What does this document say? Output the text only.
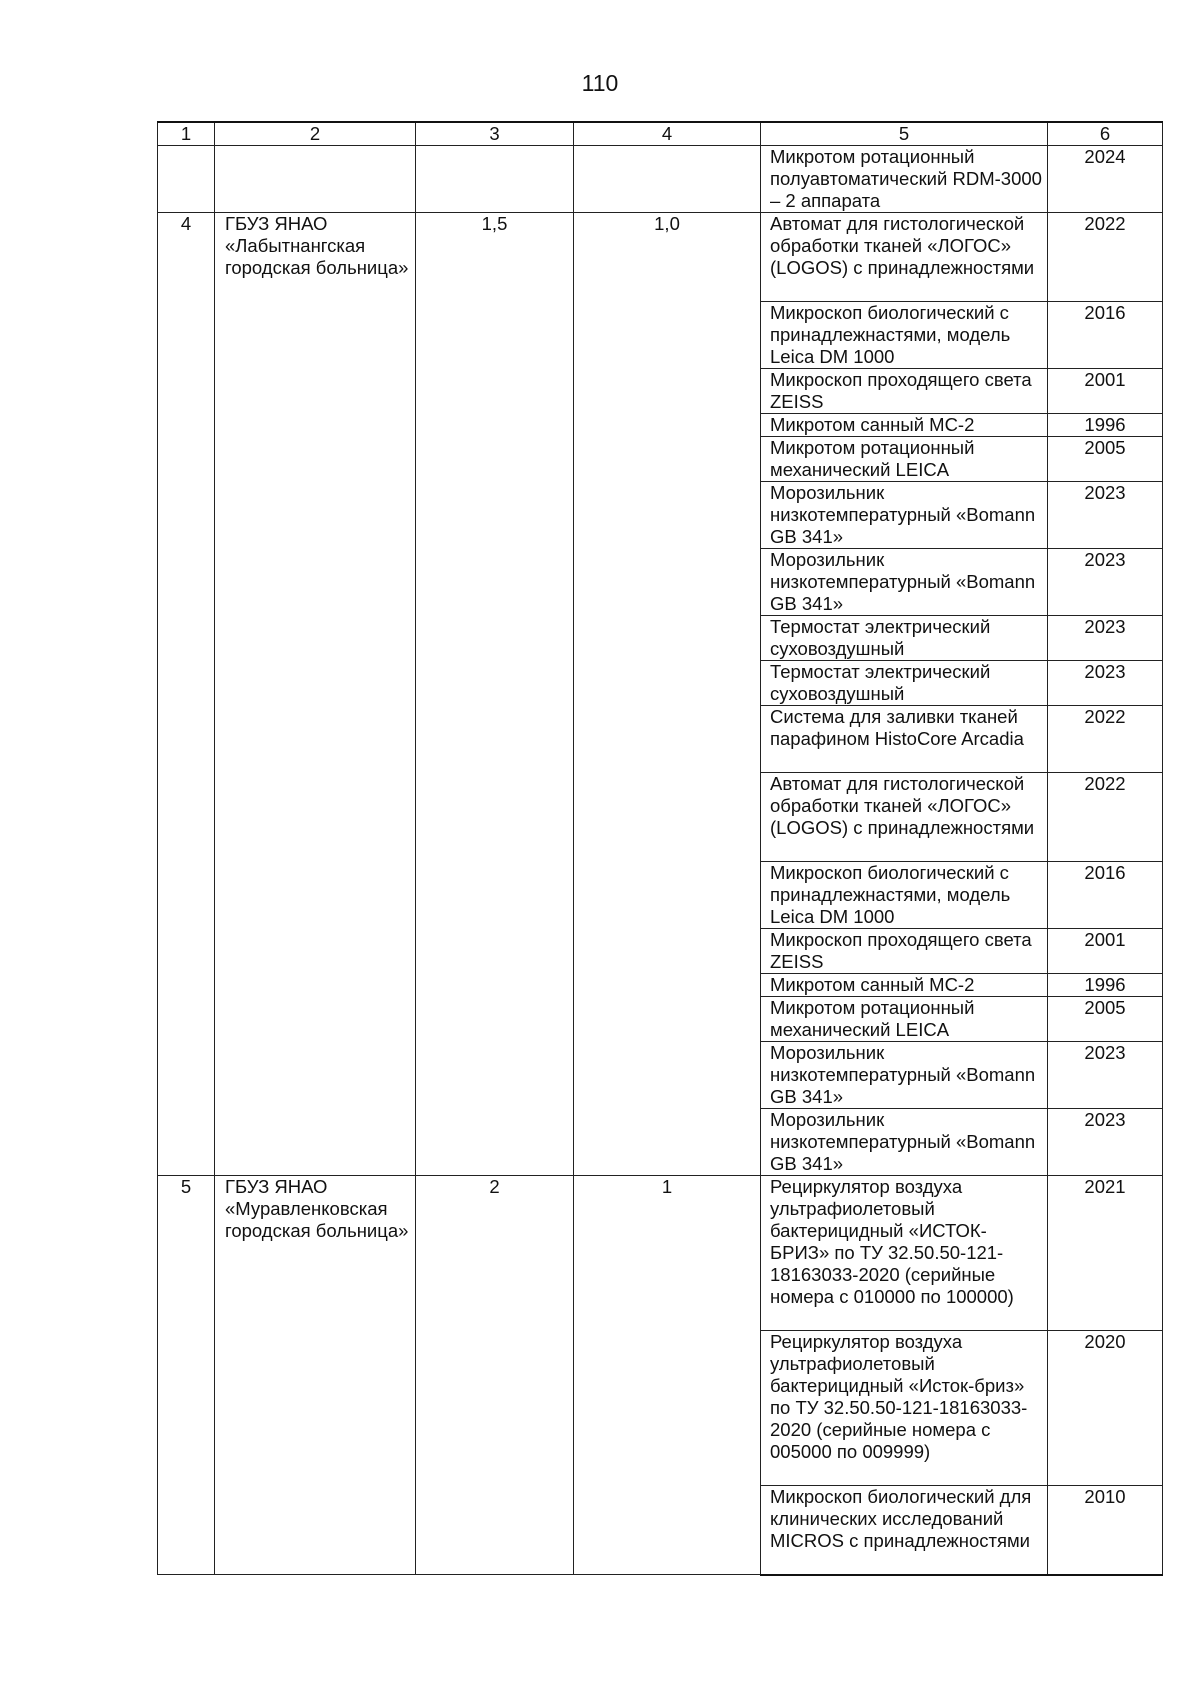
110
1	2	3	4	5	6
				Микротом ротационный полуавтоматический RDM-3000 – 2 аппарата	2024
4	ГБУЗ ЯНАО «Лабытнангская городская больница»	1,5	1,0	Автомат для гистологической обработки тканей «ЛОГОС» (LOGOS) с принадлежностями	2022
				Микроскоп биологический с принадлежнастями, модель Leica DM 1000	2016
				Микроскоп проходящего света ZEISS	2001
				Микротом санный МС-2	1996
				Микротом ротационный механический LEICA	2005
				Морозильник низкотемпературный «Bomann GB 341»	2023
				Морозильник низкотемпературный «Bomann GB 341»	2023
				Термостат электрический суховоздушный	2023
				Термостат электрический суховоздушный	2023
				Система для заливки тканей парафином HistoCore Arcadia	2022
				Автомат для гистологической обработки тканей «ЛОГОС» (LOGOS) с принадлежностями	2022
				Микроскоп биологический с принадлежнастями, модель Leica DM 1000	2016
				Микроскоп проходящего света ZEISS	2001
				Микротом санный МС-2	1996
				Микротом ротационный механический LEICA	2005
				Морозильник низкотемпературный «Bomann GB 341»	2023
				Морозильник низкотемпературный «Bomann GB 341»	2023
5	ГБУЗ ЯНАО «Муравленковская городская больница»	2	1	Рециркулятор воздуха ультрафиолетовый бактерицидный «ИСТОК-БРИЗ» по ТУ 32.50.50-121-18163033-2020 (серийные номера с 010000 по 100000)	2021
				Рециркулятор воздуха ультрафиолетовый бактерицидный «Исток-бриз» по ТУ 32.50.50-121-18163033-2020 (серийные номера с 005000 по 009999)	2020
				Микроскоп биологический для клинических исследований MICROS с принадлежностями	2010
